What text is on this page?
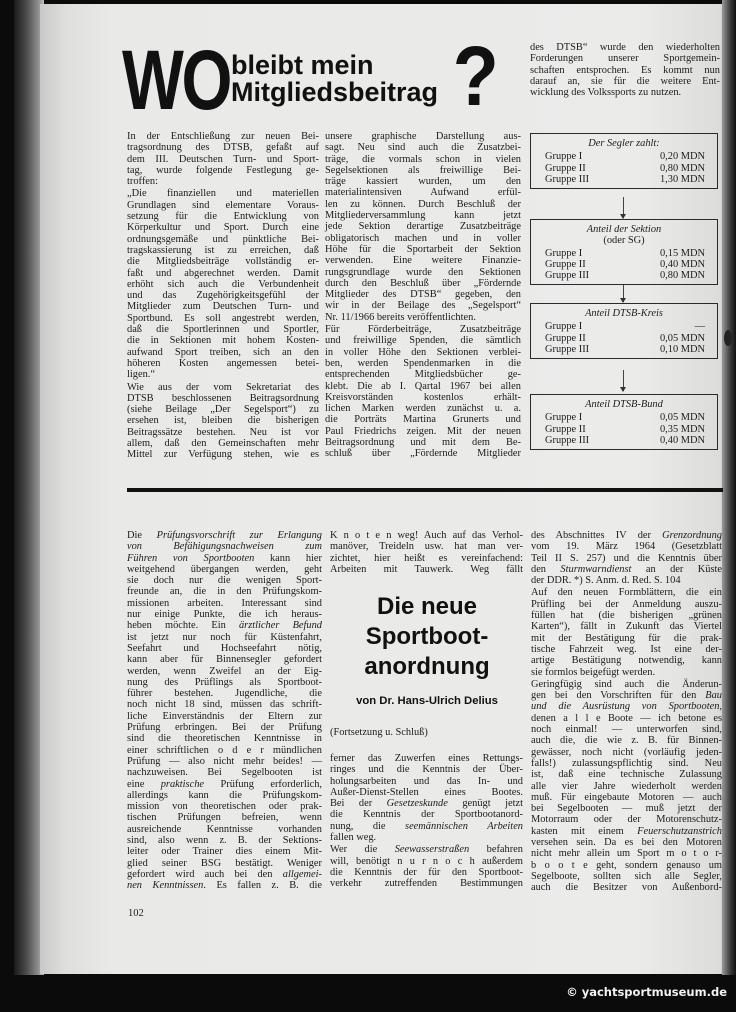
WO bleibt mein
Mitgliedsbeitrag ?
In der Entschließung zur neuen Bei-
tragsordnung des DTSB, gefaßt auf
dem III. Deutschen Turn- und Sport-
tag, wurde folgende Festlegung ge-
troffen:
„Die finanziellen und materiellen
Grundlagen sind elementare Voraus-
setzung für die Entwicklung von
Körperkultur und Sport. Durch eine
ordnungsgemäße und pünktliche Bei-
tragskassierung ist zu erreichen, daß
die Mitgliedsbeiträge vollständig er-
faßt und abgerechnet werden. Damit
erhöht sich auch die Verbundenheit
und das Zugehörigkeitsgefühl der
Mitglieder zum Deutschen Turn- und
Sportbund. Es soll angestrebt werden,
daß die Sportlerinnen und Sportler,
die in Sektionen mit hohem Kosten-
aufwand Sport treiben, sich an den
höheren Kosten angemessen betei-
ligen.“
Wie aus der vom Sekretariat des
DTSB beschlossenen Beitragsordnung
(siehe Beilage „Der Segelsport“) zu
ersehen ist, bleiben die bisherigen
Beitragssätze bestehen. Neu ist vor
allem, daß den Gemeinschaften mehr
Mittel zur Verfügung stehen, wie es
unsere graphische Darstellung aus-
sagt. Neu sind auch die Zusatzbei-
träge, die vormals schon in vielen
Segelsektionen als freiwillige Bei-
träge kassiert wurden, um den
materialintensiven Aufwand erfül-
len zu können. Durch Beschluß der
Mitgliederversammlung kann jetzt
jede Sektion derartige Zusatzbeiträge
obligatorisch machen und in voller
Höhe für die Sportarbeit der Sektion
verwenden. Eine weitere Finanzie-
rungsgrundlage wurde den Sektionen
durch den Beschluß über „Fördernde
Mitglieder des DTSB“ gegeben, den
wir in der Beilage des „Segelsport“
Nr. 11/1966 bereits veröffentlichten.
Für Förderbeiträge, Zusatzbeiträge
und freiwillige Spenden, die sämtlich
in voller Höhe den Sektionen verblei-
ben, werden Spendenmarken in die
entsprechenden Mitgliedsbücher ge-
klebt. Die ab I. Qartal 1967 bei allen
Kreisvorständen kostenlos erhält-
lichen Marken werden zunächst u. a.
die Porträts Martina Grunerts und
Paul Friedrichs zeigen. Mit der neuen
Beitragsordnung und mit dem Be-
schluß über „Fördernde Mitglieder
des DTSB“ wurde den wiederholten
Forderungen unserer Sportgemein-
schaften entsprochen. Es kommt nun
darauf an, sie für die weitere Ent-
wicklung des Volkssports zu nutzen.
Der Segler zahlt:
Gruppe I	0,20 MDN
Gruppe II	0,80 MDN
Gruppe III	1,30 MDN
Anteil der Sektion
(oder SG)
Gruppe I	0,15 MDN
Gruppe II	0,40 MDN
Gruppe III	0,80 MDN
Anteil DTSB-Kreis
Gruppe I	—
Gruppe II	0,05 MDN
Gruppe III	0,10 MDN
Anteil DTSB-Bund
Gruppe I	0,05 MDN
Gruppe II	0,35 MDN
Gruppe III	0,40 MDN
Die Prüfungsvorschrift zur Erlangung
von Befähigungsnachweisen zum
Führen von Sportbooten kann hier
weitgehend übergangen werden, geht
sie doch nur die wenigen Sport-
freunde an, die in den Prüfungskom-
missionen arbeiten. Interessant sind
nur einige Punkte, die ich heraus-
heben möchte. Ein ärztlicher Befund
ist jetzt nur noch für Küstenfahrt,
Seefahrt und Hochseefahrt nötig,
kann aber für Binnensegler gefordert
werden, wenn Zweifel an der Eig-
nung des Prüflings als Sportboot-
führer bestehen. Jugendliche, die
noch nicht 18 sind, müssen das schrift-
liche Einverständnis der Eltern zur
Prüfung erbringen. Bei der Prüfung
sind die theoretischen Kenntnisse in
einer schriftlichen o d e r mündlichen
Prüfung — also nicht mehr beides! —
nachzuweisen. Bei Segelbooten ist
eine praktische Prüfung erforderlich,
allerdings kann die Prüfungskom-
mission von theoretischen oder prak-
tischen Prüfungen befreien, wenn
ausreichende Kenntnisse vorhanden
sind, also wenn z. B. der Sektions-
leiter oder Trainer dies einem Mit-
glied seiner BSG bestätigt. Weniger
gefordert wird auch bei den allgemei-
nen Kenntnissen. Es fallen z. B. die
K n o t e n weg! Auch auf das Verhol-
manöver, Treideln usw. hat man ver-
zichtet, hier heißt es vereinfachend:
Arbeiten mit Tauwerk. Weg fällt
Die neue
Sportboot-
anordnung
von Dr. Hans-Ulrich Delius
(Fortsetzung u. Schluß)
ferner das Zuwerfen eines Rettungs-
ringes und die Kenntnis der Über-
holungsarbeiten und das In- und
Außer-Dienst-Stellen eines Bootes.
Bei der Gesetzeskunde genügt jetzt
die Kenntnis der Sportbootanord-
nung, die seemännischen Arbeiten
fallen weg.
Wer die Seewasserstraßen befahren
will, benötigt n u r n o c h außerdem
die Kenntnis der für den Sportboot-
verkehr zutreffenden Bestimmungen
des Abschnittes IV der Grenzordnung
vom 19. März 1964 (Gesetzblatt
Teil II S. 257) und die Kenntnis über
den Sturmwarndienst an der Küste
der DDR. *) S. Anm. d. Red. S. 104
Auf den neuen Formblättern, die ein
Prüfling bei der Anmeldung auszu-
füllen hat (die bisherigen „grünen
Karten“), fällt in Zukunft das Viertel
mit der Bestätigung für die prak-
tische Fahrzeit weg. Ist eine der-
artige Bestätigung notwendig, kann
sie formlos beigefügt werden.
Geringfügig sind auch die Änderun-
gen bei den Vorschriften für den Bau
und die Ausrüstung von Sportbooten,
denen a l l e Boote — ich betone es
noch einmal! — unterworfen sind,
auch die, die wie z. B. für Binnen-
gewässer, noch nicht (vorläufig jeden-
falls!) zulassungspflichtig sind. Neu
ist, daß eine technische Zulassung
alle vier Jahre wiederholt werden
muß. Für eingebaute Motoren — auch
bei Segelbooten — muß jetzt der
Motorraum oder der Motorenschutz-
kasten mit einem Feuerschutzanstrich
versehen sein. Da es bei den Motoren
nicht mehr allein um Sport m o t o r-
b o o t e geht, sondern genauso um
Segelboote, sollten sich alle Segler,
auch die Besitzer von Außenbord-
102
© yachtsportmuseum.de
